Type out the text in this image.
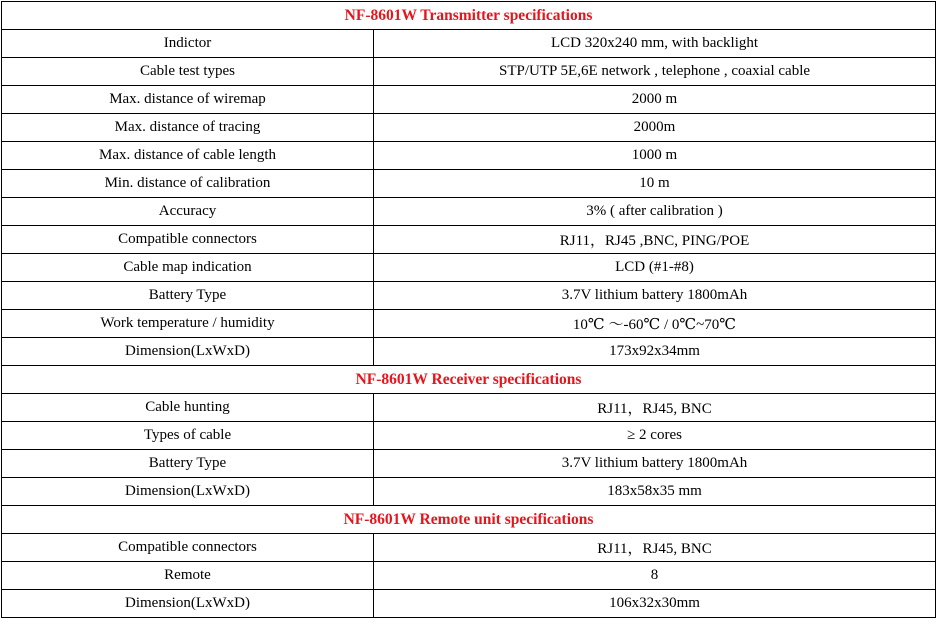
NF-8601W Transmitter specifications	
Indictor	LCD 320x240 mm, with backlight
Cable test types	STP/UTP 5E,6E network , telephone , coaxial cable
Max. distance of wiremap	2000 m
Max. distance of tracing	2000m
Max. distance of cable length	1000 m
Min. distance of calibration	10 m
Accuracy	3% ( after calibration )
Compatible connectors	RJ11，RJ45 ,BNC, PING/POE
Cable map indication	LCD (#1-#8)
Battery Type	3.7V lithium battery 1800mAh
Work temperature / humidity	10℃ ～-60℃ / 0℃~70℃
Dimension(LxWxD)	173x92x34mm
NF-8601W Receiver specifications	
Cable hunting	RJ11，RJ45, BNC
Types of cable	≥ 2 cores
Battery Type	3.7V lithium battery 1800mAh
Dimension(LxWxD)	183x58x35 mm
NF-8601W Remote unit specifications	
Compatible connectors	RJ11，RJ45, BNC
Remote	8
Dimension(LxWxD)	106x32x30mm
